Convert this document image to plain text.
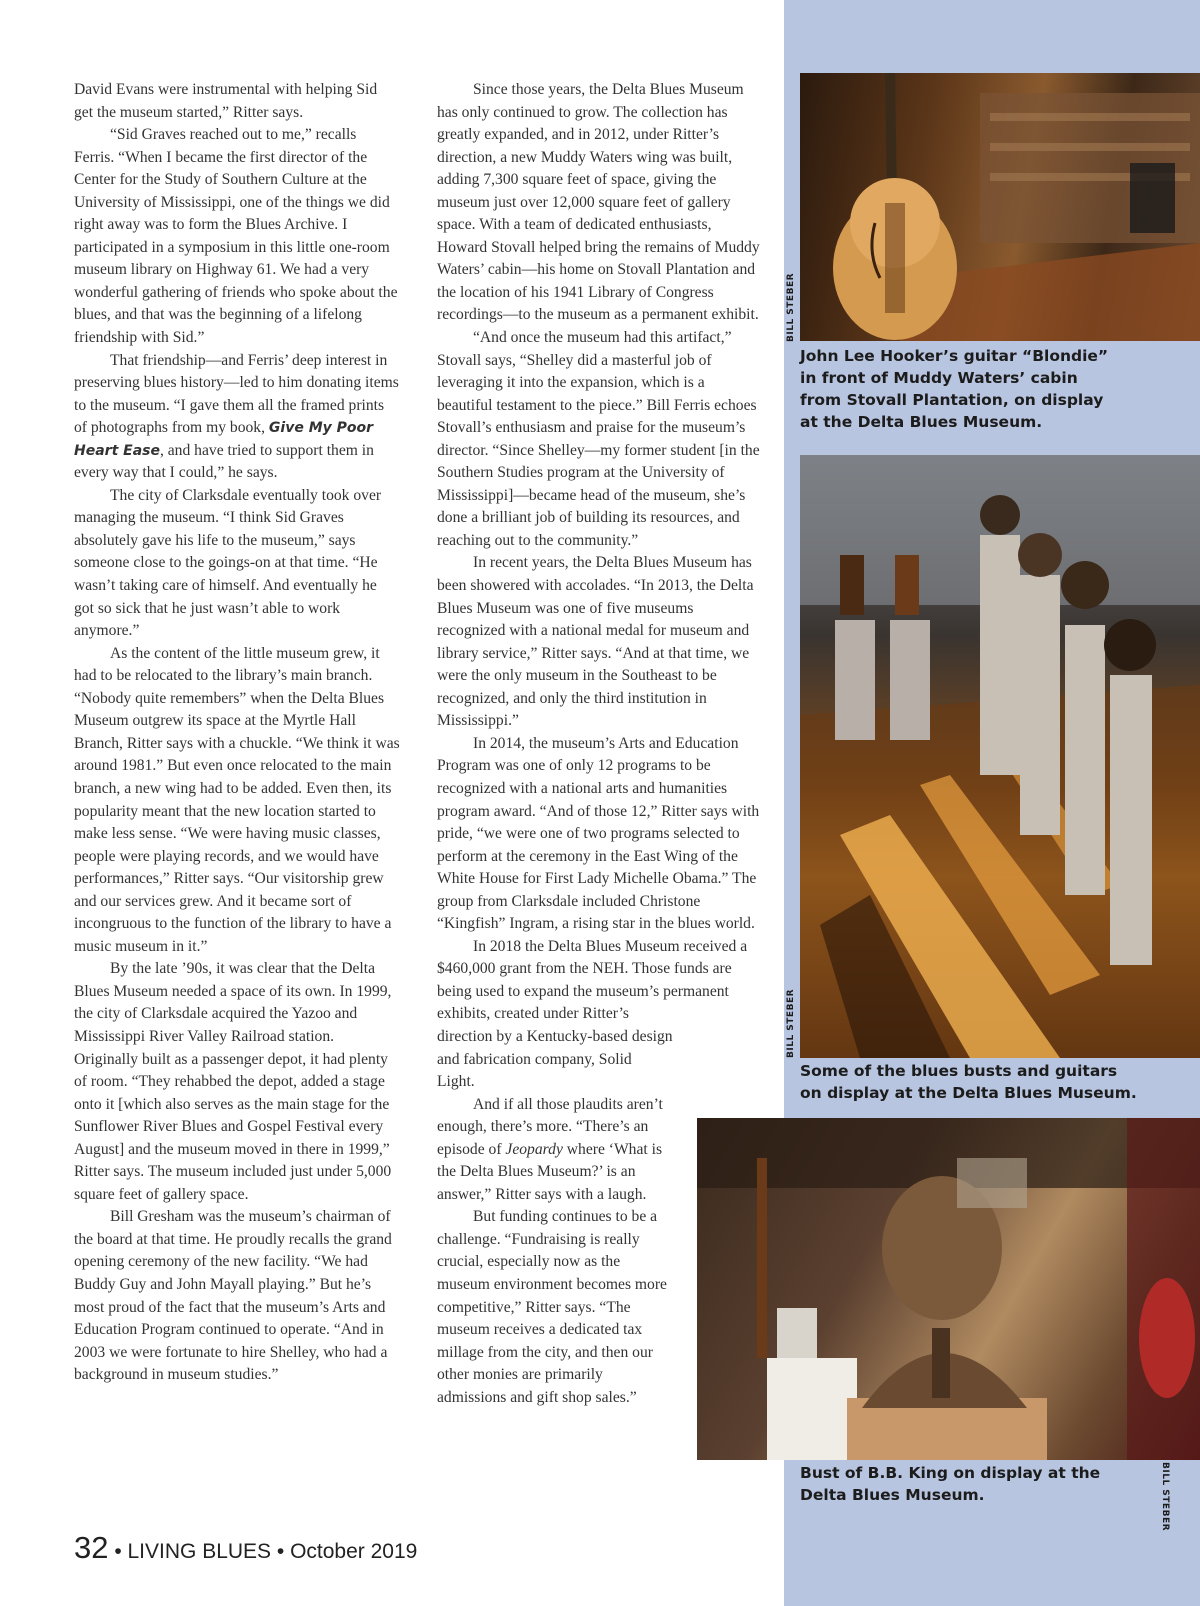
David Evans were instrumental with helping Sid get the museum started,” Ritter says.

“Sid Graves reached out to me,” recalls Ferris. “When I became the first director of the Center for the Study of Southern Culture at the University of Mississippi, one of the things we did right away was to form the Blues Archive. I participated in a symposium in this little one-room museum library on Highway 61. We had a very wonderful gathering of friends who spoke about the blues, and that was the beginning of a lifelong friendship with Sid.”

That friendship—and Ferris’ deep interest in preserving blues history—led to him donating items to the museum. “I gave them all the framed prints of photographs from my book, Give My Poor Heart Ease, and have tried to support them in every way that I could,” he says.

The city of Clarksdale eventually took over managing the museum. “I think Sid Graves absolutely gave his life to the museum,” says someone close to the goings-on at that time. “He wasn’t taking care of himself. And eventually he got so sick that he just wasn’t able to work anymore.”

As the content of the little museum grew, it had to be relocated to the library’s main branch. “Nobody quite remembers” when the Delta Blues Museum outgrew its space at the Myrtle Hall Branch, Ritter says with a chuckle. “We think it was around 1981.” But even once relocated to the main branch, a new wing had to be added. Even then, its popularity meant that the new location started to make less sense. “We were having music classes, people were playing records, and we would have performances,” Ritter says. “Our visitorship grew and our services grew. And it became sort of incongruous to the function of the library to have a music museum in it.”

By the late ’90s, it was clear that the Delta Blues Museum needed a space of its own. In 1999, the city of Clarksdale acquired the Yazoo and Mississippi River Valley Railroad station. Originally built as a passenger depot, it had plenty of room. “They rehabbed the depot, added a stage onto it [which also serves as the main stage for the Sunflower River Blues and Gospel Festival every August] and the museum moved in there in 1999,” Ritter says. The museum included just under 5,000 square feet of gallery space.

Bill Gresham was the museum’s chairman of the board at that time. He proudly recalls the grand opening ceremony of the new facility. “We had Buddy Guy and John Mayall playing.” But he’s most proud of the fact that the museum’s Arts and Education Program continued to operate. “And in 2003 we were fortunate to hire Shelley, who had a background in museum studies.”

Since those years, the Delta Blues Museum has only continued to grow. The collection has greatly expanded, and in 2012, under Ritter’s direction, a new Muddy Waters wing was built, adding 7,300 square feet of space, giving the museum just over 12,000 square feet of gallery space. With a team of dedicated enthusiasts, Howard Stovall helped bring the remains of Muddy Waters’ cabin—his home on Stovall Plantation and the location of his 1941 Library of Congress recordings—to the museum as a permanent exhibit.

“And once the museum had this artifact,” Stovall says, “Shelley did a masterful job of leveraging it into the expansion, which is a beautiful testament to the piece.” Bill Ferris echoes Stovall’s enthusiasm and praise for the museum’s director. “Since Shelley—my former student [in the Southern Studies program at the University of Mississippi]—became head of the museum, she’s done a brilliant job of building its resources, and reaching out to the community.”

In recent years, the Delta Blues Museum has been showered with accolades. “In 2013, the Delta Blues Museum was one of five museums recognized with a national medal for museum and library service,” Ritter says. “And at that time, we were the only museum in the Southeast to be recognized, and only the third institution in Mississippi.”

In 2014, the museum’s Arts and Education Program was one of only 12 programs to be recognized with a national arts and humanities program award. “And of those 12,” Ritter says with pride, “we were one of two programs selected to perform at the ceremony in the East Wing of the White House for First Lady Michelle Obama.” The group from Clarksdale included Christone “Kingfish” Ingram, a rising star in the blues world.

In 2018 the Delta Blues Museum received a $460,000 grant from the NEH. Those funds are being used to expand the museum’s permanent exhibits, created under Ritter’s

direction by a Kentucky-based design and fabrication company, Solid Light.

And if all those plaudits aren’t enough, there’s more. “There’s an episode of Jeopardy where ‘What is the Delta Blues Museum?’ is an answer,” Ritter says with a laugh.

But funding continues to be a challenge. “Fundraising is really crucial, especially now as the museum environment becomes more competitive,” Ritter says. “The museum receives a dedicated tax millage from the city, and then our other monies are primarily admissions and gift shop sales.”

BILL STEBER
John Lee Hooker’s guitar “Blondie” in front of Muddy Waters’ cabin from Stovall Plantation, on display at the Delta Blues Museum.
BILL STEBER
Some of the blues busts and guitars on display at the Delta Blues Museum.
Bust of B.B. King on display at the Delta Blues Museum.	BILL STEBER
32 • LIVING BLUES • October 2019
